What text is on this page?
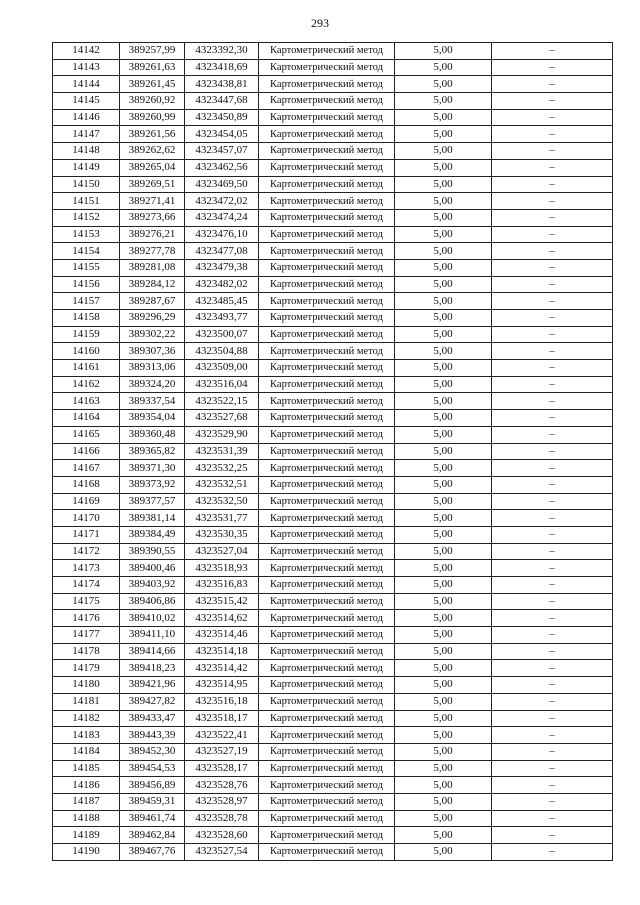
293
14142	389257,99	4323392,30	Картометрический метод	5,00	–
14143	389261,63	4323418,69	Картометрический метод	5,00	–
14144	389261,45	4323438,81	Картометрический метод	5,00	–
14145	389260,92	4323447,68	Картометрический метод	5,00	–
14146	389260,99	4323450,89	Картометрический метод	5,00	–
14147	389261,56	4323454,05	Картометрический метод	5,00	–
14148	389262,62	4323457,07	Картометрический метод	5,00	–
14149	389265,04	4323462,56	Картометрический метод	5,00	–
14150	389269,51	4323469,50	Картометрический метод	5,00	–
14151	389271,41	4323472,02	Картометрический метод	5,00	–
14152	389273,66	4323474,24	Картометрический метод	5,00	–
14153	389276,21	4323476,10	Картометрический метод	5,00	–
14154	389277,78	4323477,08	Картометрический метод	5,00	–
14155	389281,08	4323479,38	Картометрический метод	5,00	–
14156	389284,12	4323482,02	Картометрический метод	5,00	–
14157	389287,67	4323485,45	Картометрический метод	5,00	–
14158	389296,29	4323493,77	Картометрический метод	5,00	–
14159	389302,22	4323500,07	Картометрический метод	5,00	–
14160	389307,36	4323504,88	Картометрический метод	5,00	–
14161	389313,06	4323509,00	Картометрический метод	5,00	–
14162	389324,20	4323516,04	Картометрический метод	5,00	–
14163	389337,54	4323522,15	Картометрический метод	5,00	–
14164	389354,04	4323527,68	Картометрический метод	5,00	–
14165	389360,48	4323529,90	Картометрический метод	5,00	–
14166	389365,82	4323531,39	Картометрический метод	5,00	–
14167	389371,30	4323532,25	Картометрический метод	5,00	–
14168	389373,92	4323532,51	Картометрический метод	5,00	–
14169	389377,57	4323532,50	Картометрический метод	5,00	–
14170	389381,14	4323531,77	Картометрический метод	5,00	–
14171	389384,49	4323530,35	Картометрический метод	5,00	–
14172	389390,55	4323527,04	Картометрический метод	5,00	–
14173	389400,46	4323518,93	Картометрический метод	5,00	–
14174	389403,92	4323516,83	Картометрический метод	5,00	–
14175	389406,86	4323515,42	Картометрический метод	5,00	–
14176	389410,02	4323514,62	Картометрический метод	5,00	–
14177	389411,10	4323514,46	Картометрический метод	5,00	–
14178	389414,66	4323514,18	Картометрический метод	5,00	–
14179	389418,23	4323514,42	Картометрический метод	5,00	–
14180	389421,96	4323514,95	Картометрический метод	5,00	–
14181	389427,82	4323516,18	Картометрический метод	5,00	–
14182	389433,47	4323518,17	Картометрический метод	5,00	–
14183	389443,39	4323522,41	Картометрический метод	5,00	–
14184	389452,30	4323527,19	Картометрический метод	5,00	–
14185	389454,53	4323528,17	Картометрический метод	5,00	–
14186	389456,89	4323528,76	Картометрический метод	5,00	–
14187	389459,31	4323528,97	Картометрический метод	5,00	–
14188	389461,74	4323528,78	Картометрический метод	5,00	–
14189	389462,84	4323528,60	Картометрический метод	5,00	–
14190	389467,76	4323527,54	Картометрический метод	5,00	–
